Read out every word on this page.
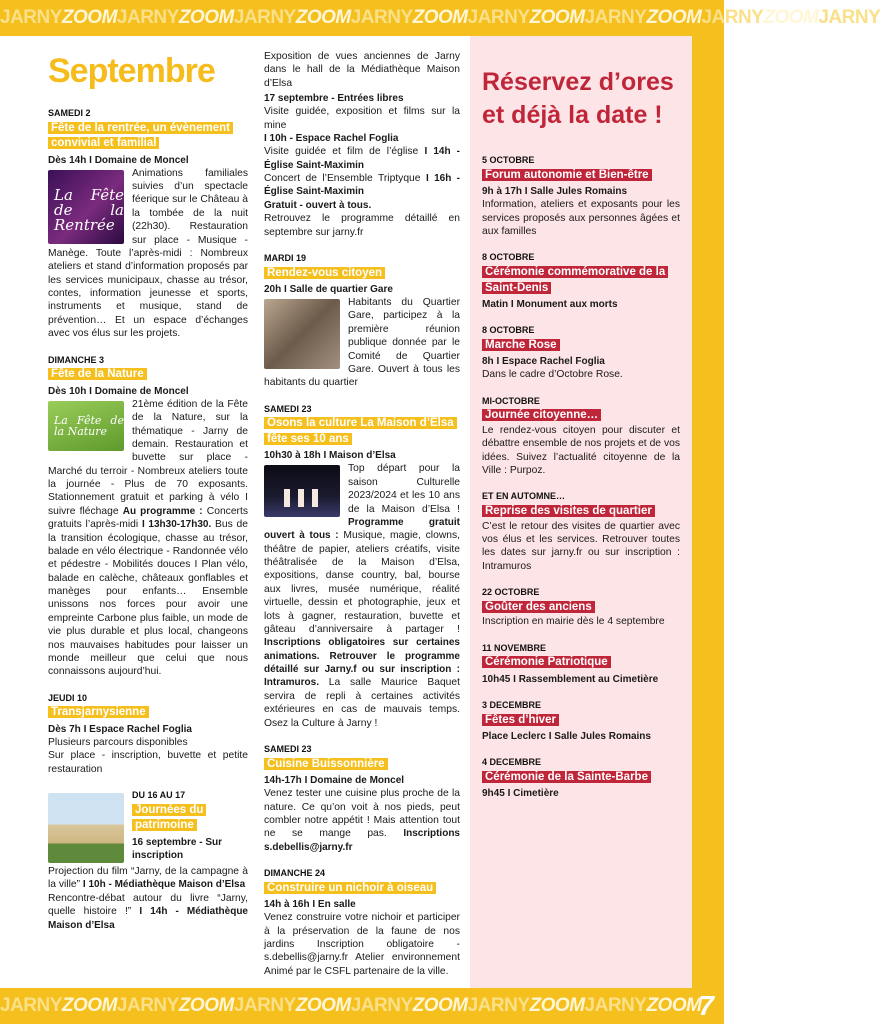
JARNYZOOMJARNYZOOMJARNYZOOMJARNYZOOMJARNYZOOMJARNYZOOMJARNYZOOMJARNY
JARNYZOOMJARNYZOOMJARNYZOOMJARNYZOOMJARNYZOOMJARNYZOOM
7
Septembre
SAMEDI 2
Fête de la rentrée, un évènement convivial et familial
Dès 14h I Domaine de Moncel
La Fête de la Rentrée
Animations familiales suivies d’un spectacle féerique sur le Château à la tombée de la nuit (22h30). Restauration sur place - Musique - Manège. Toute l’après-midi : Nombreux ateliers et stand d’information proposés par les services municipaux, chasse au trésor, contes, information jeunesse et sports, instruments et musique, stand de prévention… Et un espace d’échanges avec vos élus sur les projets.
DIMANCHE 3
Fête de la Nature
Dès 10h I Domaine de Moncel
La Fête de la Nature
21ème édition de la Fête de la Nature, sur la thématique - Jarny de demain. Restauration et buvette sur place - Marché du terroir - Nombreux ateliers toute la journée - Plus de 70 exposants. Stationnement gratuit et parking à vélo I suivre fléchage Au programme : Concerts gratuits l’après-midi I 13h30-17h30. Bus de la transition écologique, chasse au trésor, balade en vélo électrique - Randonnée vélo et pédestre - Mobilités douces I Plan vélo, balade en calèche, châteaux gonflables et manèges pour enfants… Ensemble unissons nos forces pour avoir une empreinte Carbone plus faible, un mode de vie plus durable et plus local, changeons nos mauvaises habitudes pour laisser un monde meilleur que celui que nous connaissons aujourd’hui.
JEUDI 10
Transjarnysienne
Dès 7h I Espace Rachel Foglia
Plusieurs parcours disponibles
Sur place - inscription, buvette et petite restauration
DU 16 AU 17
Journées du patrimoine
16 septembre - Sur inscription
Projection du film “Jarny, de la campagne à la ville” I 10h - Médiathèque Maison d’Elsa
Rencontre-débat autour du livre “Jarny, quelle histoire !” I 14h - Médiathèque Maison d’Elsa
Exposition de vues anciennes de Jarny dans le hall de la Médiathèque Maison d’Elsa
17 septembre - Entrées libres
Visite guidée, exposition et films sur la mine
I 10h - Espace Rachel Foglia
Visite guidée et film de l’église I 14h - Église Saint-Maximin
Concert de l’Ensemble Triptyque I 16h - Église Saint-Maximin
Gratuit - ouvert à tous.
Retrouvez le programme détaillé en septembre sur jarny.fr
MARDI 19
Rendez-vous citoyen
20h I Salle de quartier Gare
Habitants du Quartier Gare, participez à la première réunion publique donnée par le Comité de Quartier Gare. Ouvert à tous les habitants du quartier
SAMEDI 23
Osons la culture La Maison d’Elsa fête ses 10 ans
10h30 à 18h I Maison d’Elsa
Top départ pour la saison Culturelle 2023/2024 et les 10 ans de la Maison d’Elsa ! Programme gratuit ouvert à tous : Musique, magie, clowns, théâtre de papier, ateliers créatifs, visite théâtralisée de la Maison d’Elsa, expositions, danse country, bal, bourse aux livres, musée numérique, réalité virtuelle, dessin et photographie, jeux et lots à gagner, restauration, buvette et gâteau d’anniversaire à partager ! Inscriptions obligatoires sur certaines animations. Retrouver le programme détaillé sur Jarny.f ou sur inscription : Intramuros. La salle Maurice Baquet servira de repli à certaines activités extérieures en cas de mauvais temps. Osez la Culture à Jarny !
SAMEDI 23
Cuisine Buissonnière
14h-17h I Domaine de Moncel
Venez tester une cuisine plus proche de la nature. Ce qu’on voit à nos pieds, peut combler notre appétit ! Mais attention tout ne se mange pas. Inscriptions s.debellis@jarny.fr
DIMANCHE 24
Construire un nichoir à oiseau
14h à 16h I En salle
Venez construire votre nichoir et participer à la préservation de la faune de nos jardins Inscription obligatoire - s.debellis@jarny.fr Atelier environnement Animé par le CSFL partenaire de la ville.
Réservez d’ores et déjà la date !
5 OCTOBRE
Forum autonomie et Bien-être
9h à 17h I Salle Jules Romains
Information, ateliers et exposants pour les services proposés aux personnes âgées et aux familles
8 OCTOBRE
Cérémonie commémorative de la Saint-Denis
Matin I Monument aux morts
8 OCTOBRE
Marche Rose
8h I Espace Rachel Foglia
Dans le cadre d’Octobre Rose.
MI-OCTOBRE
Journée citoyenne…
Le rendez-vous citoyen pour discuter et débattre ensemble de nos projets et de vos idées. Suivez l’actualité citoyenne de la Ville : Purpoz.
ET EN AUTOMNE…
Reprise des visites de quartier
C’est le retour des visites de quartier avec vos élus et les services. Retrouver toutes les dates sur jarny.fr ou sur inscription : Intramuros
22 OCTOBRE
Goûter des anciens
Inscription en mairie dès le 4 septembre
11 NOVEMBRE
Cérémonie Patriotique
10h45 I Rassemblement au Cimetière
3 DECEMBRE
Fêtes d’hiver
Place Leclerc I Salle Jules Romains
4 DECEMBRE
Cérémonie de la Sainte-Barbe
9h45 I Cimetière
